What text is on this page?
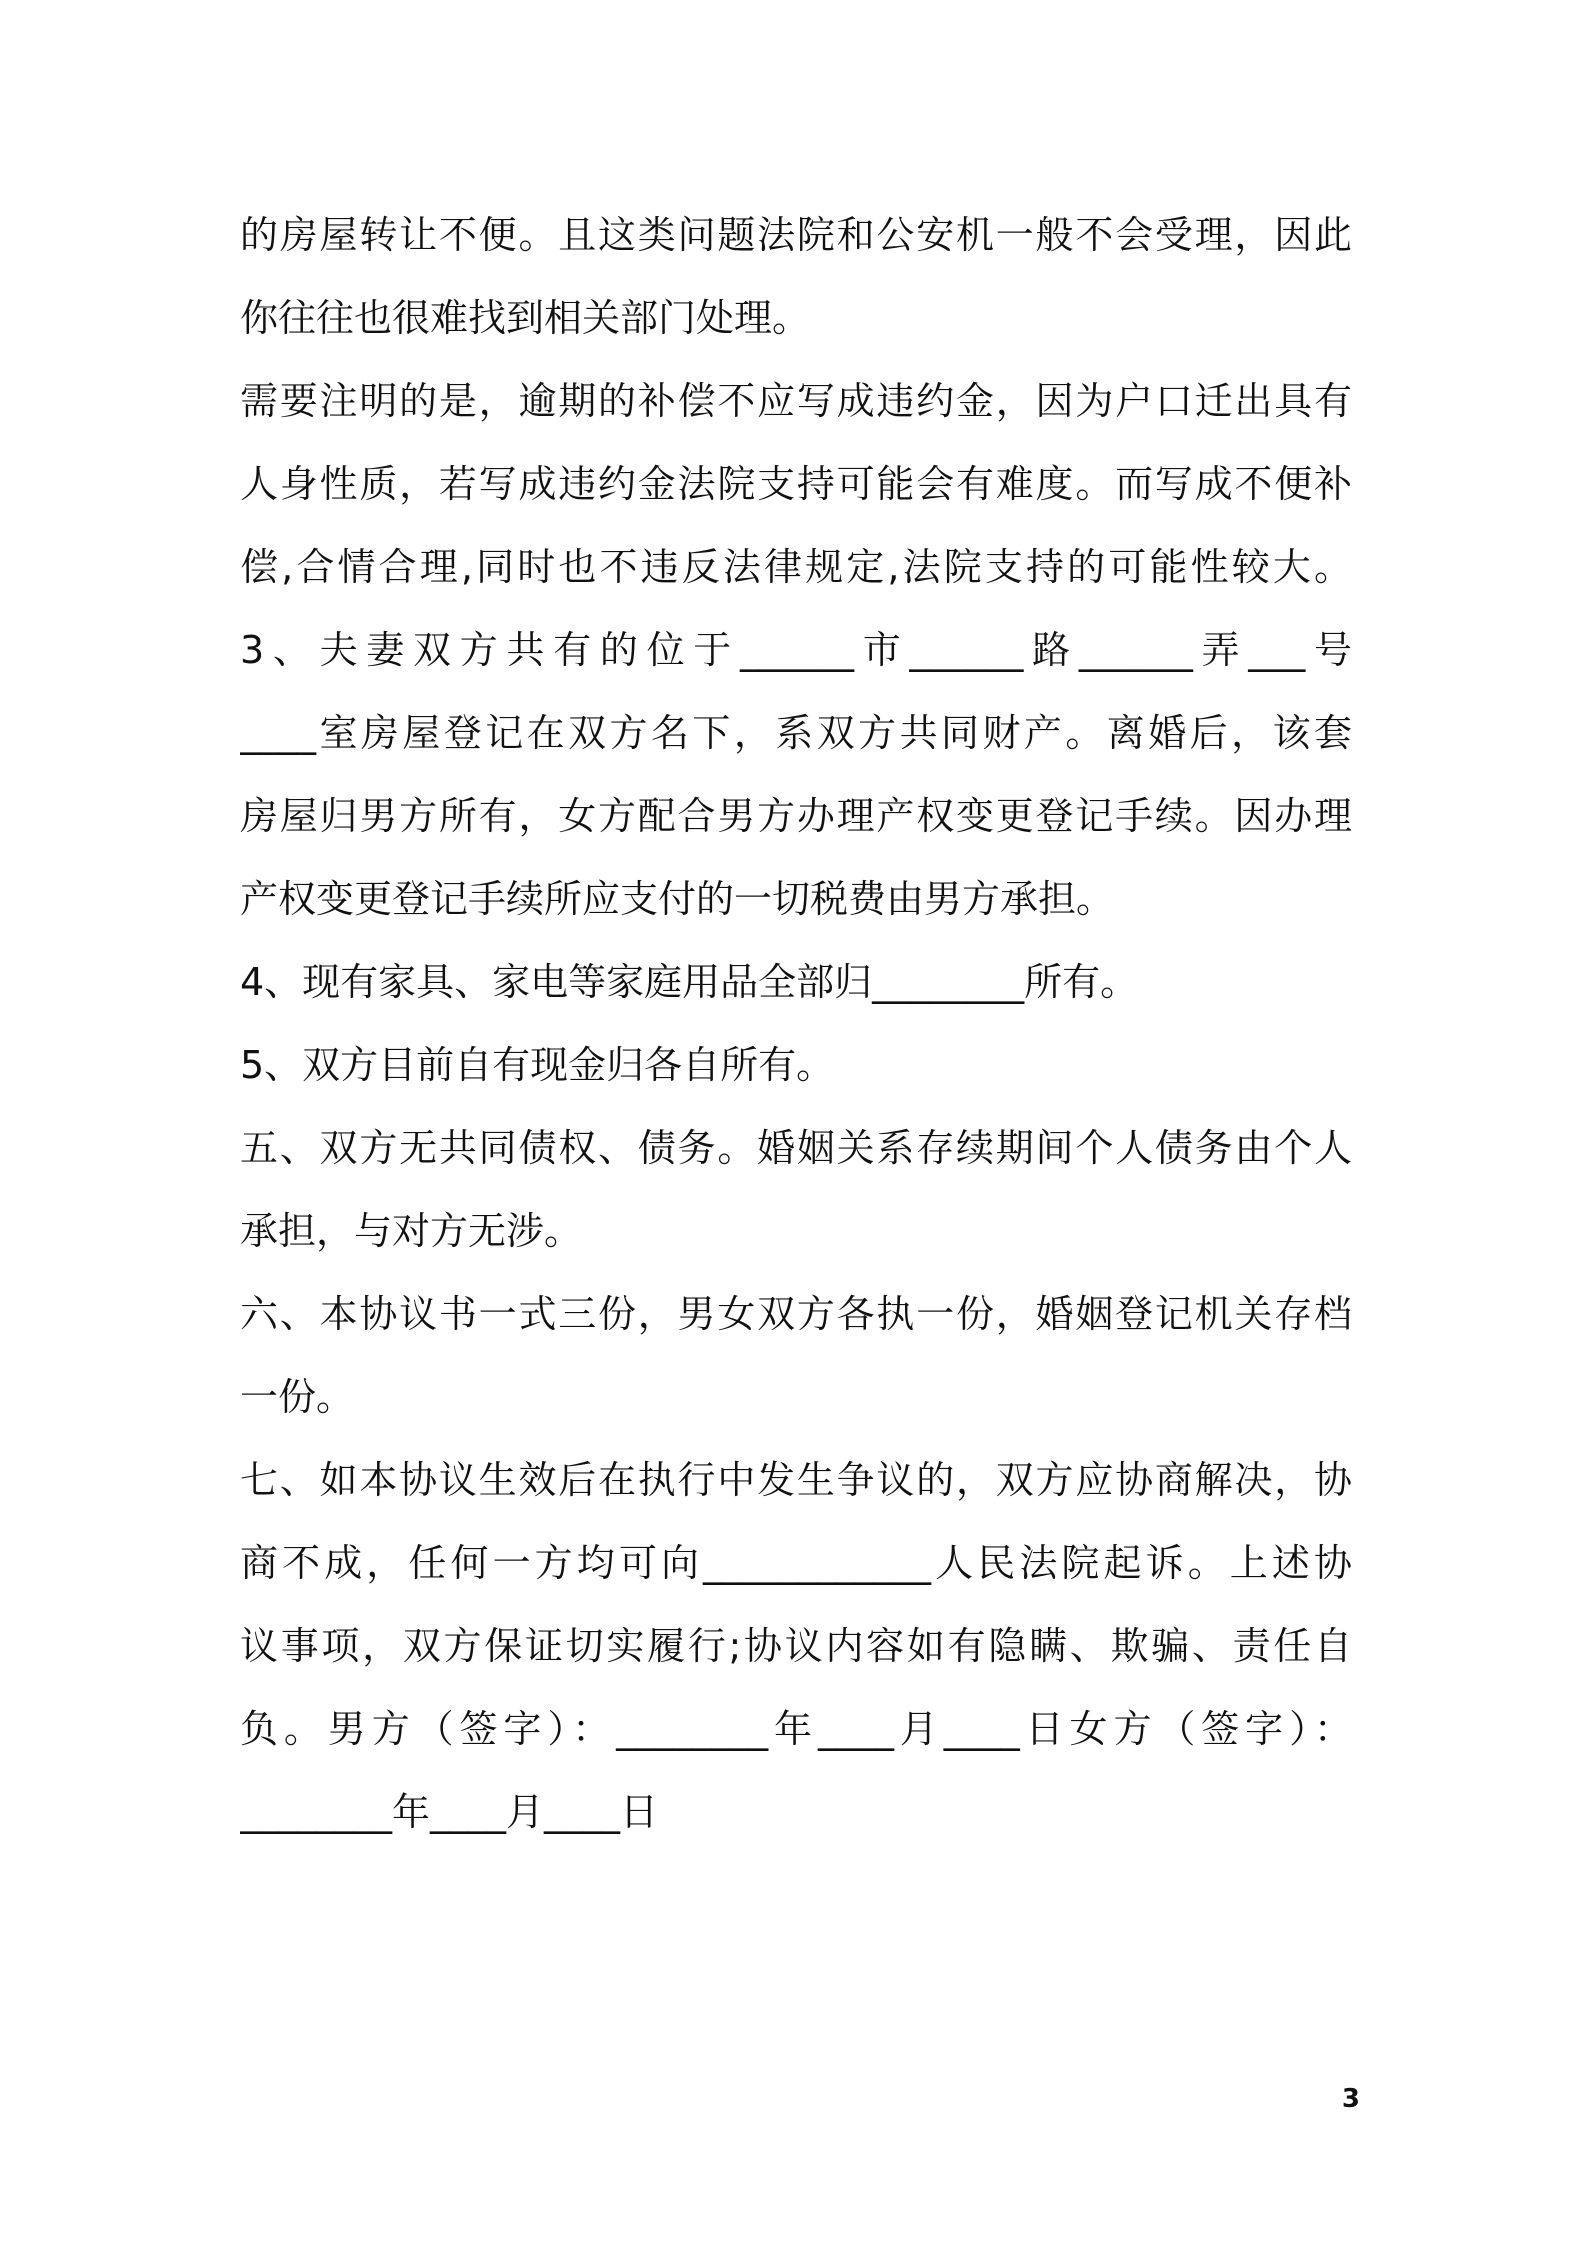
的房屋转让不便。且这类问题法院和公安机一般不会受理，因此
你往往也很难找到相关部门处理。
需要注明的是，逾期的补偿不应写成违约金，因为户口迁出具有
人身性质，若写成违约金法院支持可能会有难度。而写成不便补
偿,合情合理,同时也不违反法律规定,法院支持的可能性较大。
3、夫妻双方共有的位于______市______路______弄___号
____室房屋登记在双方名下，系双方共同财产。离婚后，该套
房屋归男方所有，女方配合男方办理产权变更登记手续。因办理
产权变更登记手续所应支付的一切税费由男方承担。
4、现有家具、家电等家庭用品全部归________所有。
5、双方目前自有现金归各自所有。
五、双方无共同债权、债务。婚姻关系存续期间个人债务由个人
承担，与对方无涉。
六、本协议书一式三份，男女双方各执一份，婚姻登记机关存档
一份。
七、如本协议生效后在执行中发生争议的，双方应协商解决，协
商不成，任何一方均可向____________人民法院起诉。上述协
议事项，双方保证切实履行;协议内容如有隐瞒、欺骗、责任自
负。男方（签字）：________年____月____日女方（签字）：
________年____月____日
3
